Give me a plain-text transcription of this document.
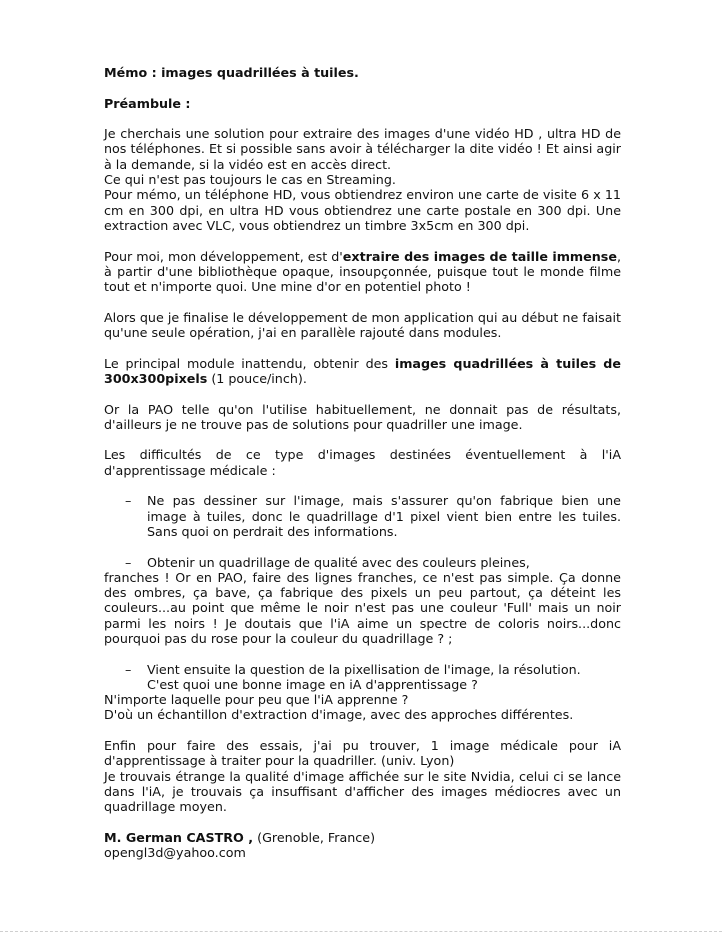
Mémo : images quadrillées à tuiles.

Préambule :

Je cherchais une solution pour extraire des images d'une vidéo HD , ultra HD de nos téléphones. Et si possible sans avoir à télécharger la dite vidéo ! Et ainsi agir à la demande, si la vidéo est en accès direct.

Ce qui n'est pas toujours le cas en Streaming.

Pour mémo, un téléphone HD, vous obtiendrez environ une carte de visite 6 x 11 cm en 300 dpi, en ultra HD vous obtiendrez une carte postale en 300 dpi. Une extraction avec VLC, vous obtiendrez un timbre 3x5cm en 300 dpi.

Pour moi, mon développement, est d'extraire des images de taille immense, à partir d'une bibliothèque opaque, insoupçonnée, puisque tout le monde filme tout et n'importe quoi. Une mine d'or en potentiel photo !

Alors que je finalise le développement de mon application qui au début ne faisait qu'une seule opération, j'ai en parallèle rajouté dans modules.

Le principal module inattendu, obtenir des images quadrillées à tuiles de 300x300pixels (1 pouce/inch).

Or la PAO telle qu'on l'utilise habituellement, ne donnait pas de résultats, d'ailleurs je ne trouve pas de solutions pour quadriller une image.

Les difficultés de ce type d'images destinées éventuellement à l'iA d'apprentissage médicale :

– Ne pas dessiner sur l'image, mais s'assurer qu'on fabrique bien une image à tuiles, donc le quadrillage d'1 pixel vient bien entre les tuiles. Sans quoi on perdrait des informations.

– Obtenir un quadrillage de qualité avec des couleurs pleines,

franches ! Or en PAO, faire des lignes franches, ce n'est pas simple. Ça donne des ombres, ça bave, ça fabrique des pixels un peu partout, ça déteint les couleurs...au point que même le noir n'est pas une couleur 'Full' mais un noir parmi les noirs ! Je doutais que l'iA aime un spectre de coloris noirs...donc pourquoi pas du rose pour la couleur du quadrillage ? ;

– Vient ensuite la question de la pixellisation de l'image, la résolution.

C'est quoi une bonne image en iA d'apprentissage ?

N'importe laquelle pour peu que l'iA apprenne ?

D'où un échantillon d'extraction d'image, avec des approches différentes.

Enfin pour faire des essais, j'ai pu trouver, 1 image médicale pour iA d'apprentissage à traiter pour la quadriller. (univ. Lyon)

Je trouvais étrange la qualité d'image affichée sur le site Nvidia, celui ci se lance dans l'iA, je trouvais ça insuffisant d'afficher des images médiocres avec un quadrillage moyen.

M. German CASTRO , (Grenoble, France)

opengl3d@yahoo.com
